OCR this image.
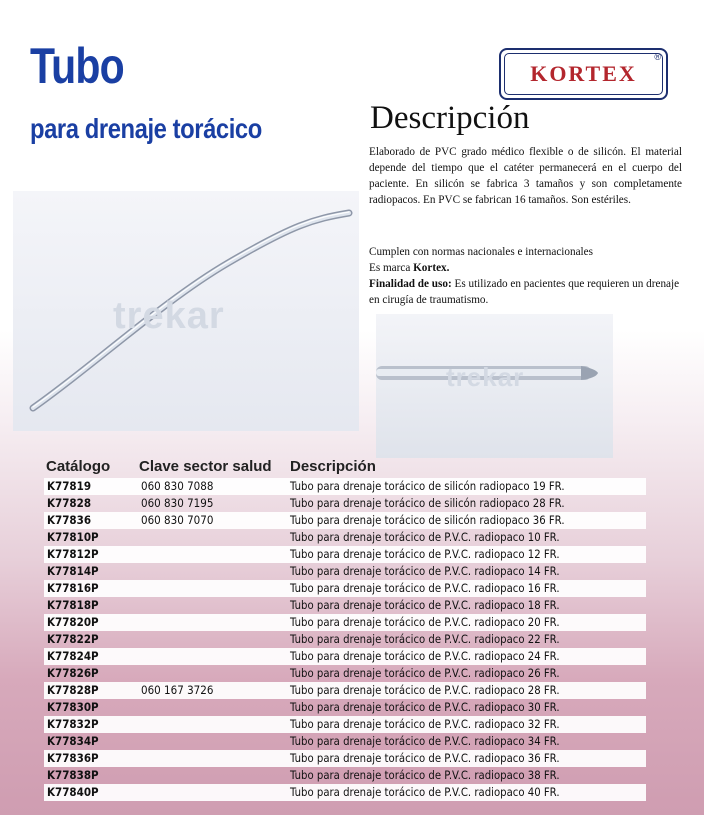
Tubo
para drenaje torácico
KORTEX
®
Descripción

Elaborado de PVC grado médico flexible o de silicón. El material depende del tiempo que el catéter permanecerá en el cuerpo del paciente. En silicón se fabrica 3 tamaños y son completamente radiopacos. En PVC se fabrican 16 tamaños. Son estériles.

Cumplen con normas nacionales e internacionales
Es marca Kortex.
Finalidad de uso: Es utilizado en pacientes que requieren un drenaje en cirugía de traumatismo.
trekar
trekar
Catálogo Clave sector salud Descripción
K77819	060 830 7088	Tubo para drenaje torácico de silicón radiopaco 19 FR.
K77828	060 830 7195	Tubo para drenaje torácico de silicón radiopaco 28 FR.
K77836	060 830 7070	Tubo para drenaje torácico de silicón radiopaco 36 FR.
K77810P	Tubo para drenaje torácico de P.V.C. radiopaco 10 FR.
K77812P	Tubo para drenaje torácico de P.V.C. radiopaco 12 FR.
K77814P	Tubo para drenaje torácico de P.V.C. radiopaco 14 FR.
K77816P	Tubo para drenaje torácico de P.V.C. radiopaco 16 FR.
K77818P	Tubo para drenaje torácico de P.V.C. radiopaco 18 FR.
K77820P	Tubo para drenaje torácico de P.V.C. radiopaco 20 FR.
K77822P	Tubo para drenaje torácico de P.V.C. radiopaco 22 FR.
K77824P	Tubo para drenaje torácico de P.V.C. radiopaco 24 FR.
K77826P	Tubo para drenaje torácico de P.V.C. radiopaco 26 FR.
K77828P	060 167 3726	Tubo para drenaje torácico de P.V.C. radiopaco 28 FR.
K77830P	Tubo para drenaje torácico de P.V.C. radiopaco 30 FR.
K77832P	Tubo para drenaje torácico de P.V.C. radiopaco 32 FR.
K77834P	Tubo para drenaje torácico de P.V.C. radiopaco 34 FR.
K77836P	Tubo para drenaje torácico de P.V.C. radiopaco 36 FR.
K77838P	Tubo para drenaje torácico de P.V.C. radiopaco 38 FR.
K77840P	Tubo para drenaje torácico de P.V.C. radiopaco 40 FR.
